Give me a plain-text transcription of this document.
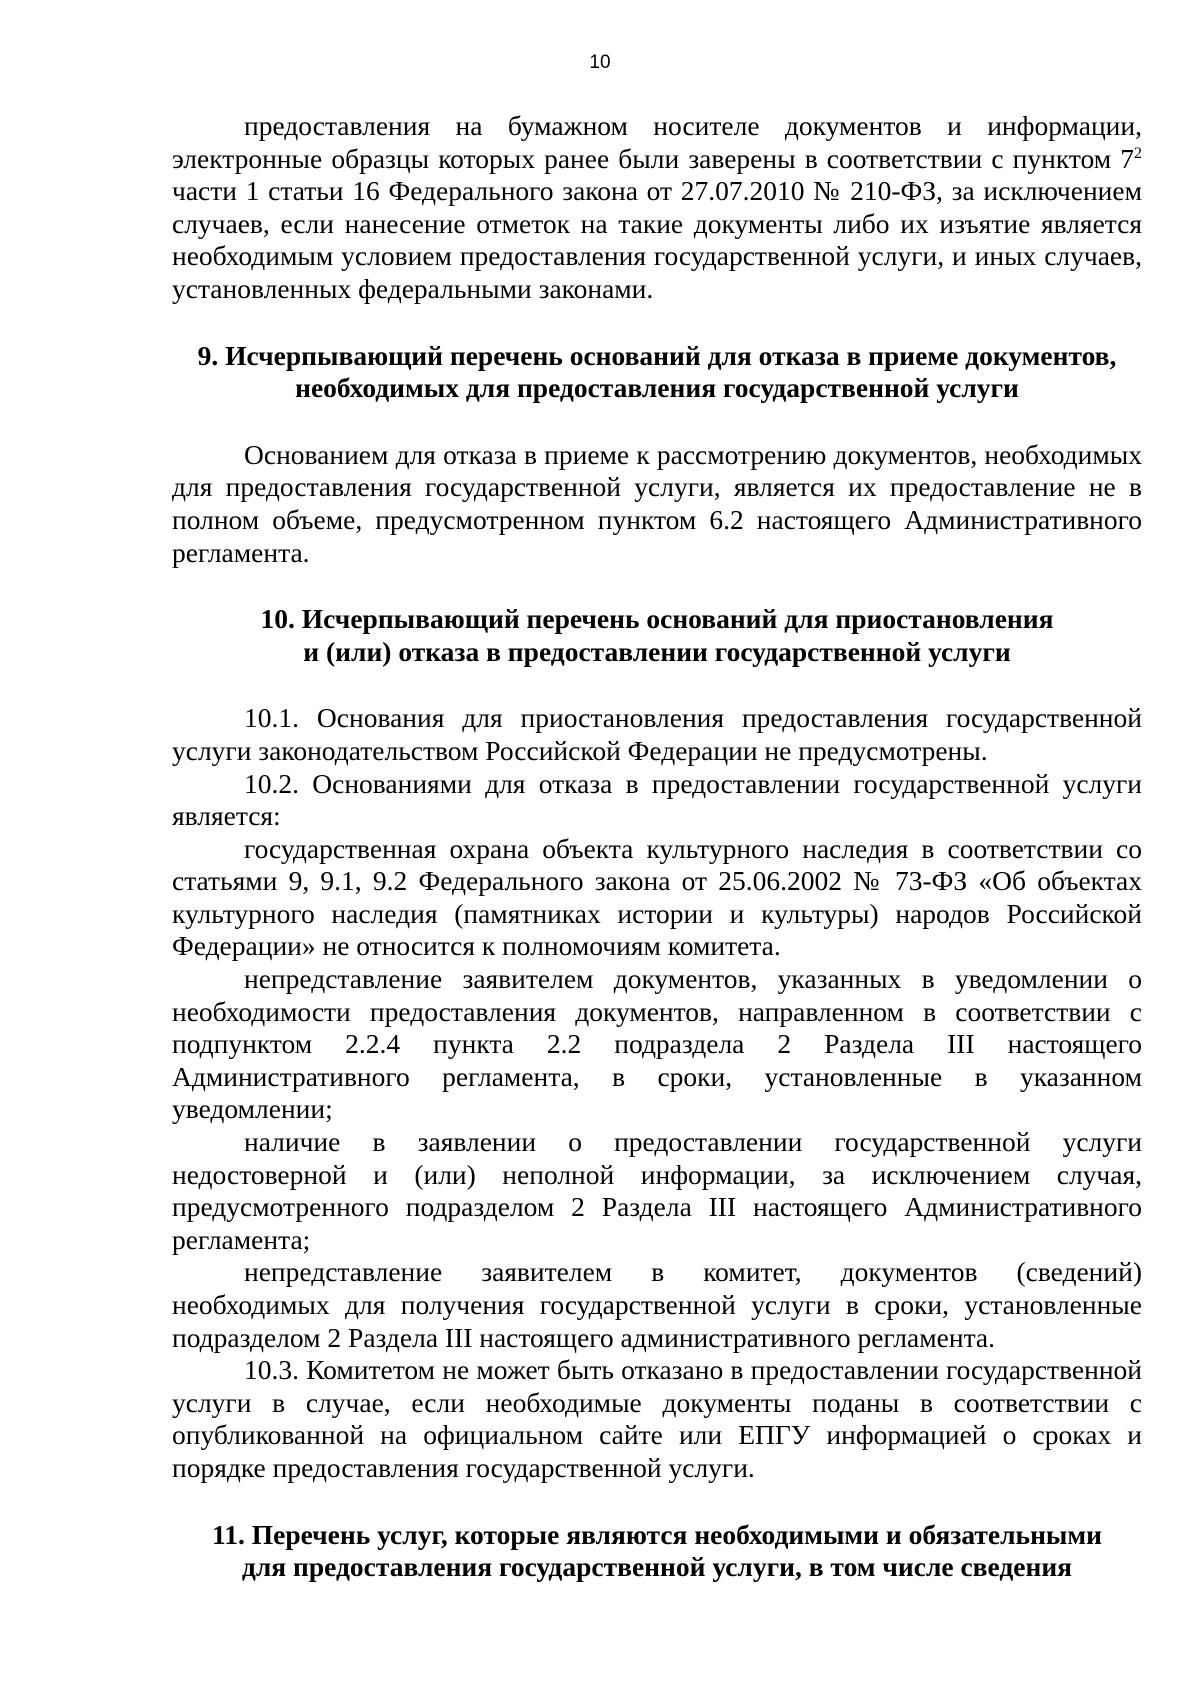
10

предоставления на бумажном носителе документов и информации, электронные образцы которых ранее были заверены в соответствии с пунктом $7^2$ части 1 статьи 16 Федерального закона от 27.07.2010 № 210-ФЗ, за исключением случаев, если нанесение отметок на такие документы либо их изъятие является необходимым условием предоставления государственной услуги, и иных случаев, установленных федеральными законами.

9. Исчерпывающий перечень оснований для отказа в приеме документов,
необходимых для предоставления государственной услуги

Основанием для отказа в приеме к рассмотрению документов, необходимых для предоставления государственной услуги, является их предоставление не в полном объеме, предусмотренном пунктом 6.2 настоящего Административного регламента.

10. Исчерпывающий перечень оснований для приостановления
и (или) отказа в предоставлении государственной услуги

10.1. Основания для приостановления предоставления государственной услуги законодательством Российской Федерации не предусмотрены.

10.2. Основаниями для отказа в предоставлении государственной услуги является:

государственная охрана объекта культурного наследия в соответствии со статьями 9, 9.1, 9.2 Федерального закона от 25.06.2002 № 73-ФЗ «Об объектах культурного наследия (памятниках истории и культуры) народов Российской Федерации» не относится к полномочиям комитета.

непредставление заявителем документов, указанных в уведомлении о необходимости предоставления документов, направленном в соответствии с подпунктом 2.2.4 пункта 2.2 подраздела 2 Раздела III настоящего Административного регламента, в сроки, установленные в указанном уведомлении;

наличие в заявлении о предоставлении государственной услуги недостоверной и (или) неполной информации, за исключением случая, предусмотренного подразделом 2 Раздела III настоящего Административного регламента;

непредставление заявителем в комитет, документов (сведений) необходимых для получения государственной услуги в сроки, установленные подразделом 2 Раздела III настоящего административного регламента.

10.3. Комитетом не может быть отказано в предоставлении государственной услуги в случае, если необходимые документы поданы в соответствии с опубликованной на официальном сайте или ЕПГУ информацией о сроках и порядке предоставления государственной услуги.

11. Перечень услуг, которые являются необходимыми и обязательными
для предоставления государственной услуги, в том числе сведения
